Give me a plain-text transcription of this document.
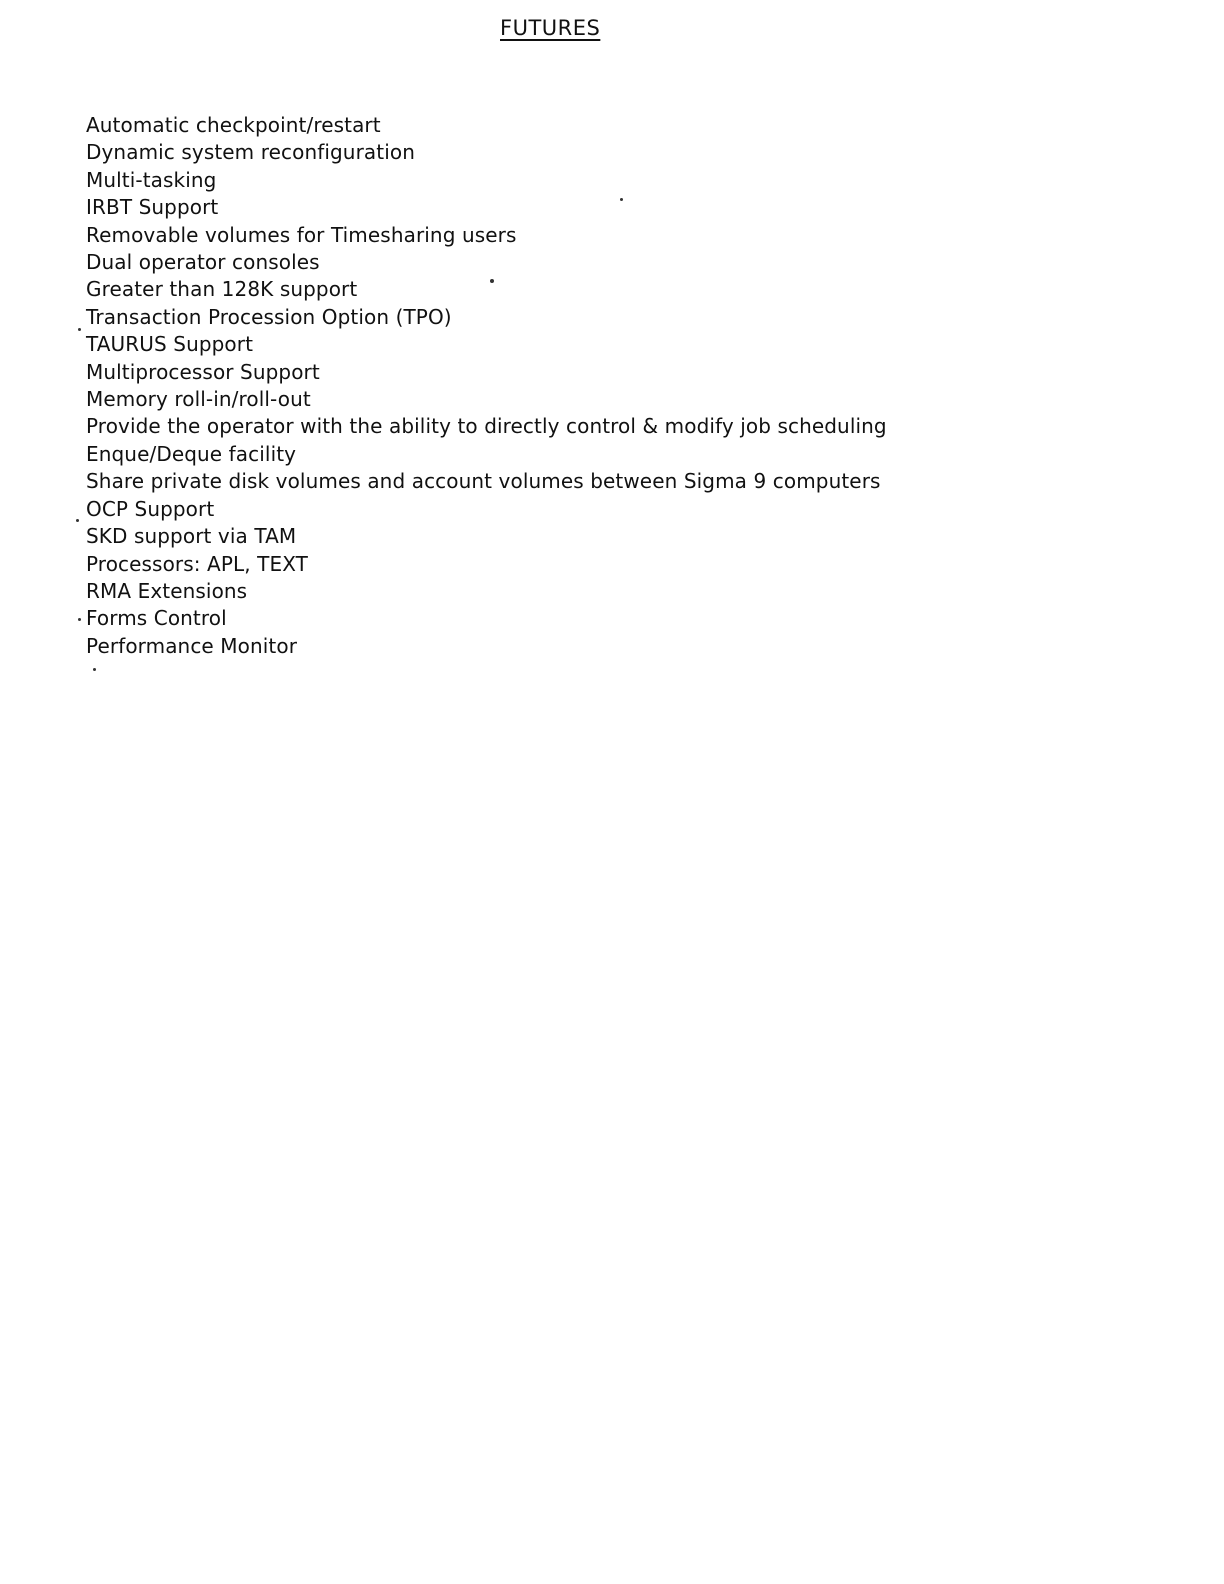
FUTURES
Automatic checkpoint/restart
Dynamic system reconfiguration
Multi-tasking
IRBT Support
Removable volumes for Timesharing users
Dual operator consoles
Greater than 128K support
Transaction Procession Option (TPO)
TAURUS Support
Multiprocessor Support
Memory roll-in/roll-out
Provide the operator with the ability to directly control & modify job scheduling
Enque/Deque facility
Share private disk volumes and account volumes between Sigma 9 computers
OCP Support
SKD support via TAM
Processors: APL, TEXT
RMA Extensions
Forms Control
Performance Monitor
